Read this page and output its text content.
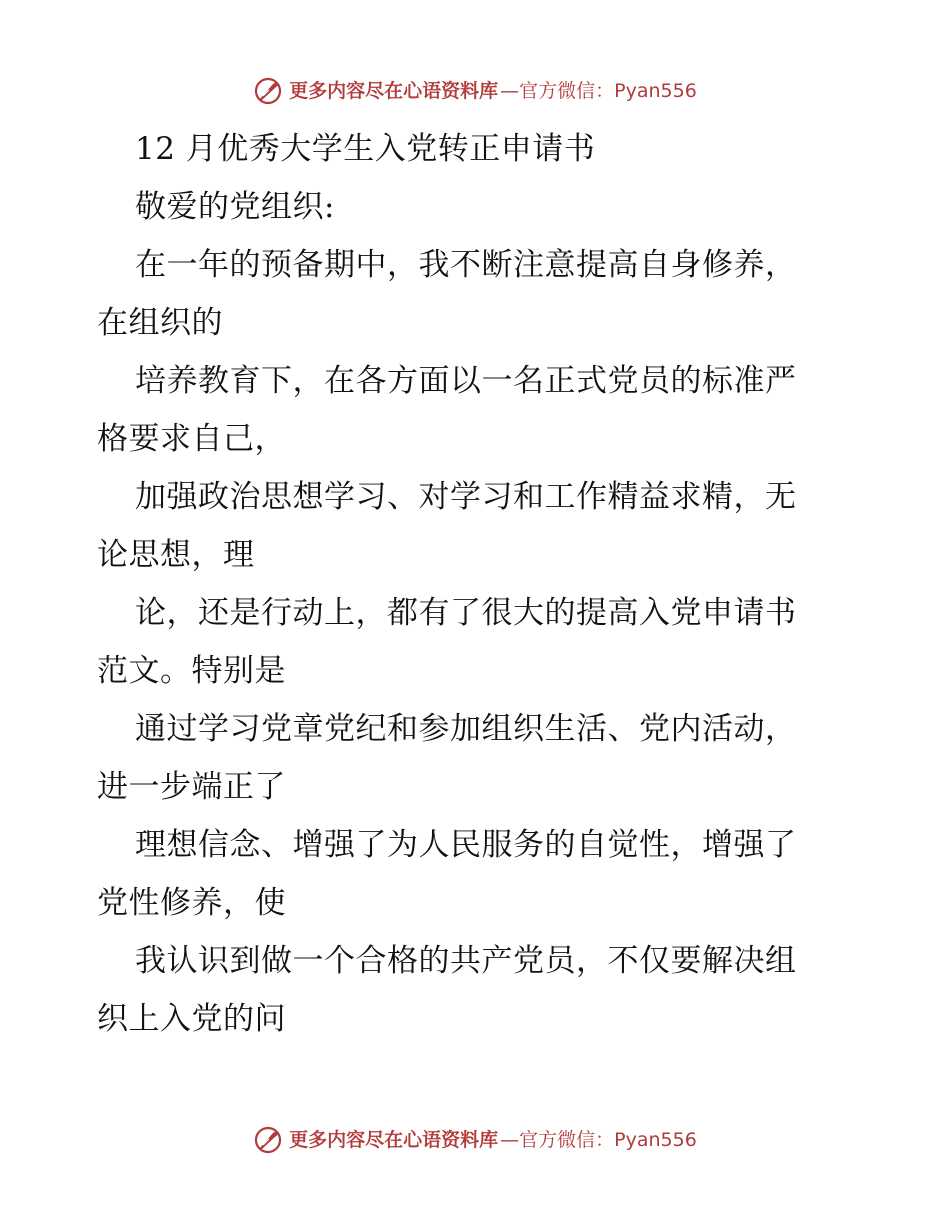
更多内容尽在心语资料库 —官方微信：Pyan556
12 月优秀大学生入党转正申请书
敬爱的党组织:
在一年的预备期中，我不断注意提高自身修养，
在组织的
培养教育下，在各方面以一名正式党员的标准严
格要求自己，
加强政治思想学习、对学习和工作精益求精，无
论思想，理
论，还是行动上，都有了很大的提高入党申请书
范文。特别是
通过学习党章党纪和参加组织生活、党内活动，
进一步端正了
理想信念、增强了为人民服务的自觉性，增强了
党性修养，使
我认识到做一个合格的共产党员，不仅要解决组
织上入党的问
更多内容尽在心语资料库 —官方微信：Pyan556
